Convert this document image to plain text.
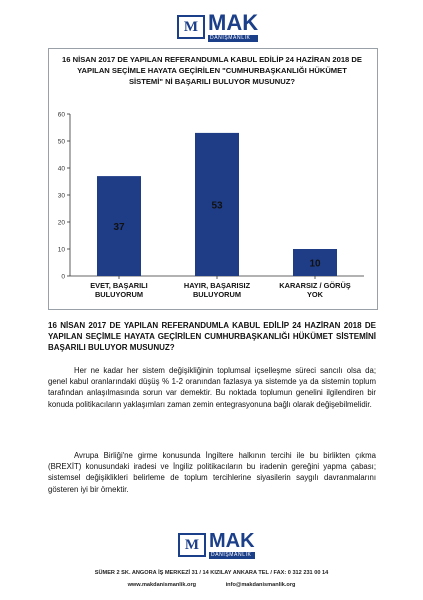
M MAK
DANIŞMANLIK
16 NİSAN 2017 DE YAPILAN REFERANDUMLA KABUL EDİLİP 24 HAZİRAN 2018 DE YAPILAN SEÇİMLE HAYATA GEÇİRİLEN "CUMHURBAŞKANLIĞI HÜKÜMET SİSTEMİ" Nİ BAŞARILI BULUYOR MUSUNUZ?
0
10
20
30
40
50
60
37
EVET, BAŞARILI
BULUYORUM
53
HAYIR, BAŞARISIZ
BULUYORUM
10
KARARSIZ / GÖRÜŞ
YOK
16 NİSAN 2017 DE YAPILAN REFERANDUMLA KABUL EDİLİP 24 HAZİRAN 2018 DE YAPILAN SEÇİMLE HAYATA GEÇİRİLEN CUMHURBAŞKANLIĞI HÜKÜMET SİSTEMİNİ BAŞARILI BULUYOR MUSUNUZ?
Her ne kadar her sistem değişikliğinin toplumsal içselleşme süreci sancılı olsa da; genel kabul oranlarındaki düşüş % 1-2 oranından fazlasya ya sistemde ya da sistemin toplum tarafından anlaşılmasında sorun var demektir. Bu noktada toplumun genelini ilgilendiren bir konuda politikacıların yaklaşımları zaman zemin entegrasyonuna bağlı olarak değişebilmelidir.
Avrupa Birliği'ne girme konusunda İngiltere halkının tercihi ile bu birlikten çıkma (BREXİT) konusundaki iradesi ve İngiliz politikacıların bu iradenin gereğini yapma çabası; sistemsel değişiklikleri belirleme de toplum tercihlerine siyasilerin saygılı davranmalarını gösteren iyi bir örnektir.
M MAK
DANIŞMANLIK
SÜMER 2 SK. ANGORA İŞ MERKEZİ 31 / 14 KIZILAY ANKARA TEL / FAX: 0 312 231 00 14
www.makdanismanlik.org	info@makdanismanlik.org
